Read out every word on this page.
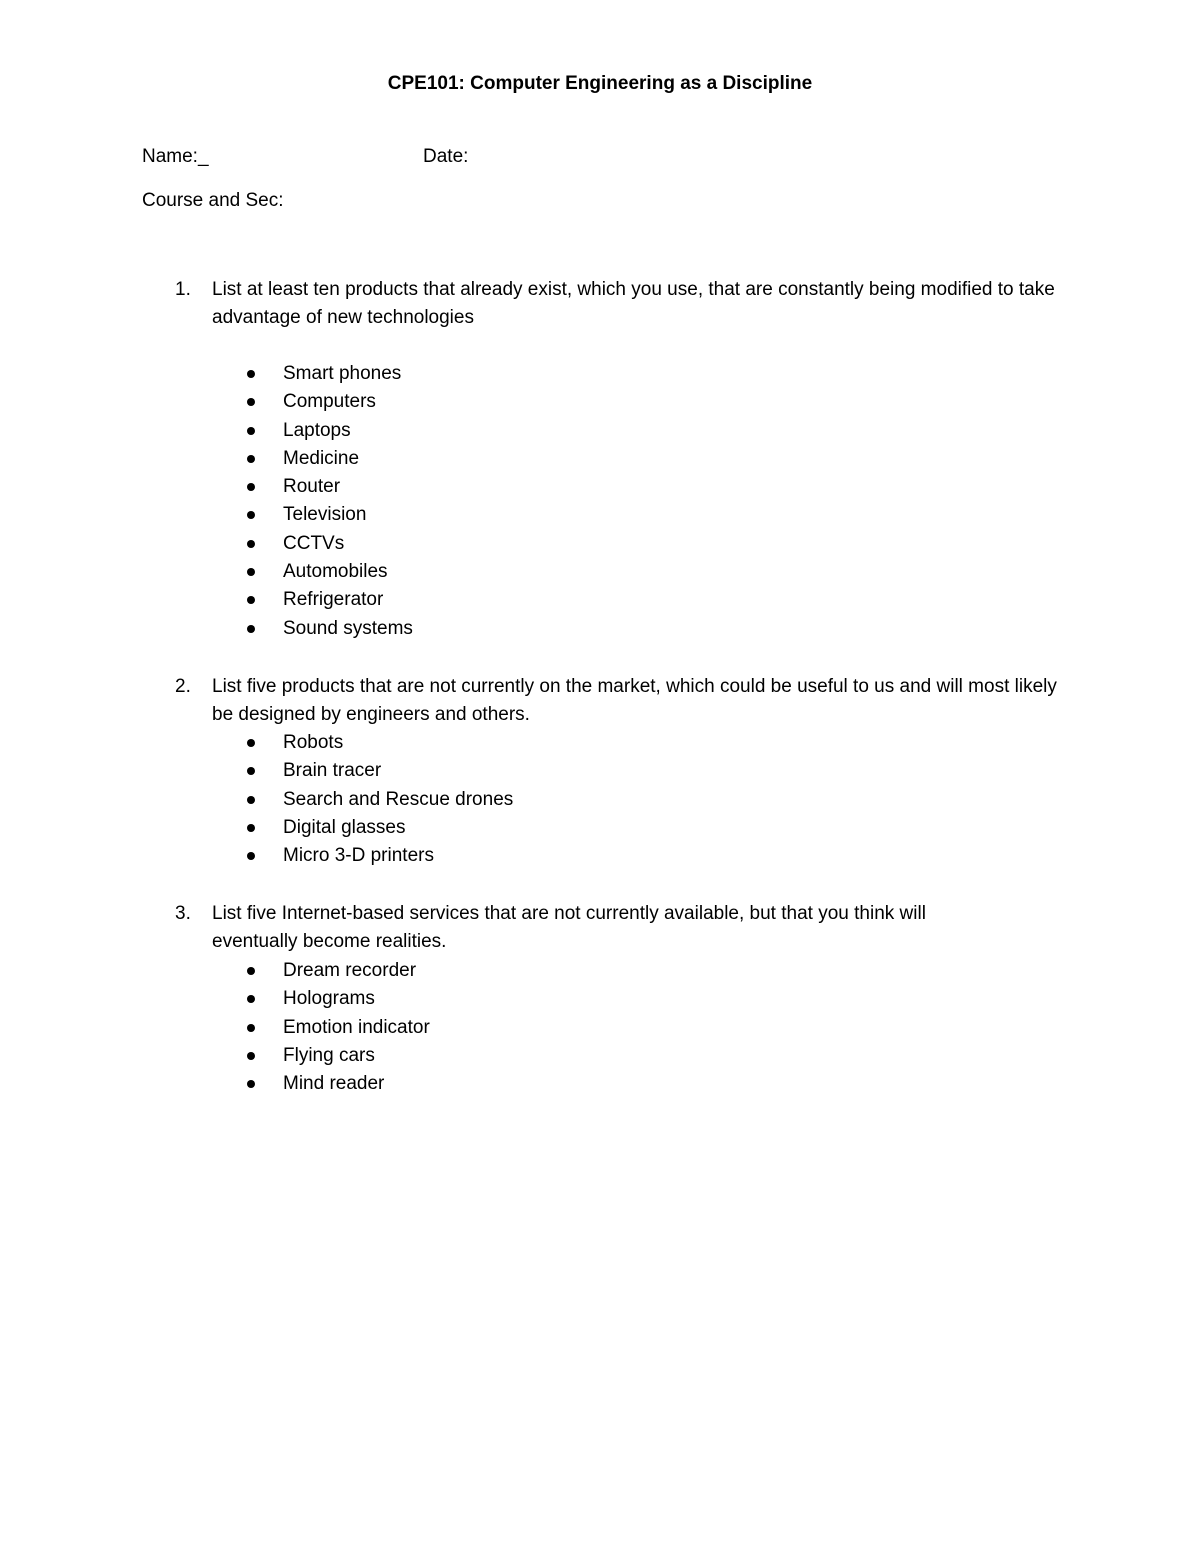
CPE101: Computer Engineering as a Discipline
Name:_	Date:
Course and Sec:
1.	List at least ten products that already exist, which you use, that are constantly being modified to take advantage of new technologies
Smart phones
Computers
Laptops
Medicine
Router
Television
CCTVs
Automobiles
Refrigerator
Sound systems
2.	List five products that are not currently on the market, which could be useful to us and will most likely be designed by engineers and others.
Robots
Brain tracer
Search and Rescue drones
Digital glasses
Micro 3-D printers
3.	List five Internet-based services that are not currently available, but that you think will eventually become realities.
Dream recorder
Holograms
Emotion indicator
Flying cars
Mind reader
